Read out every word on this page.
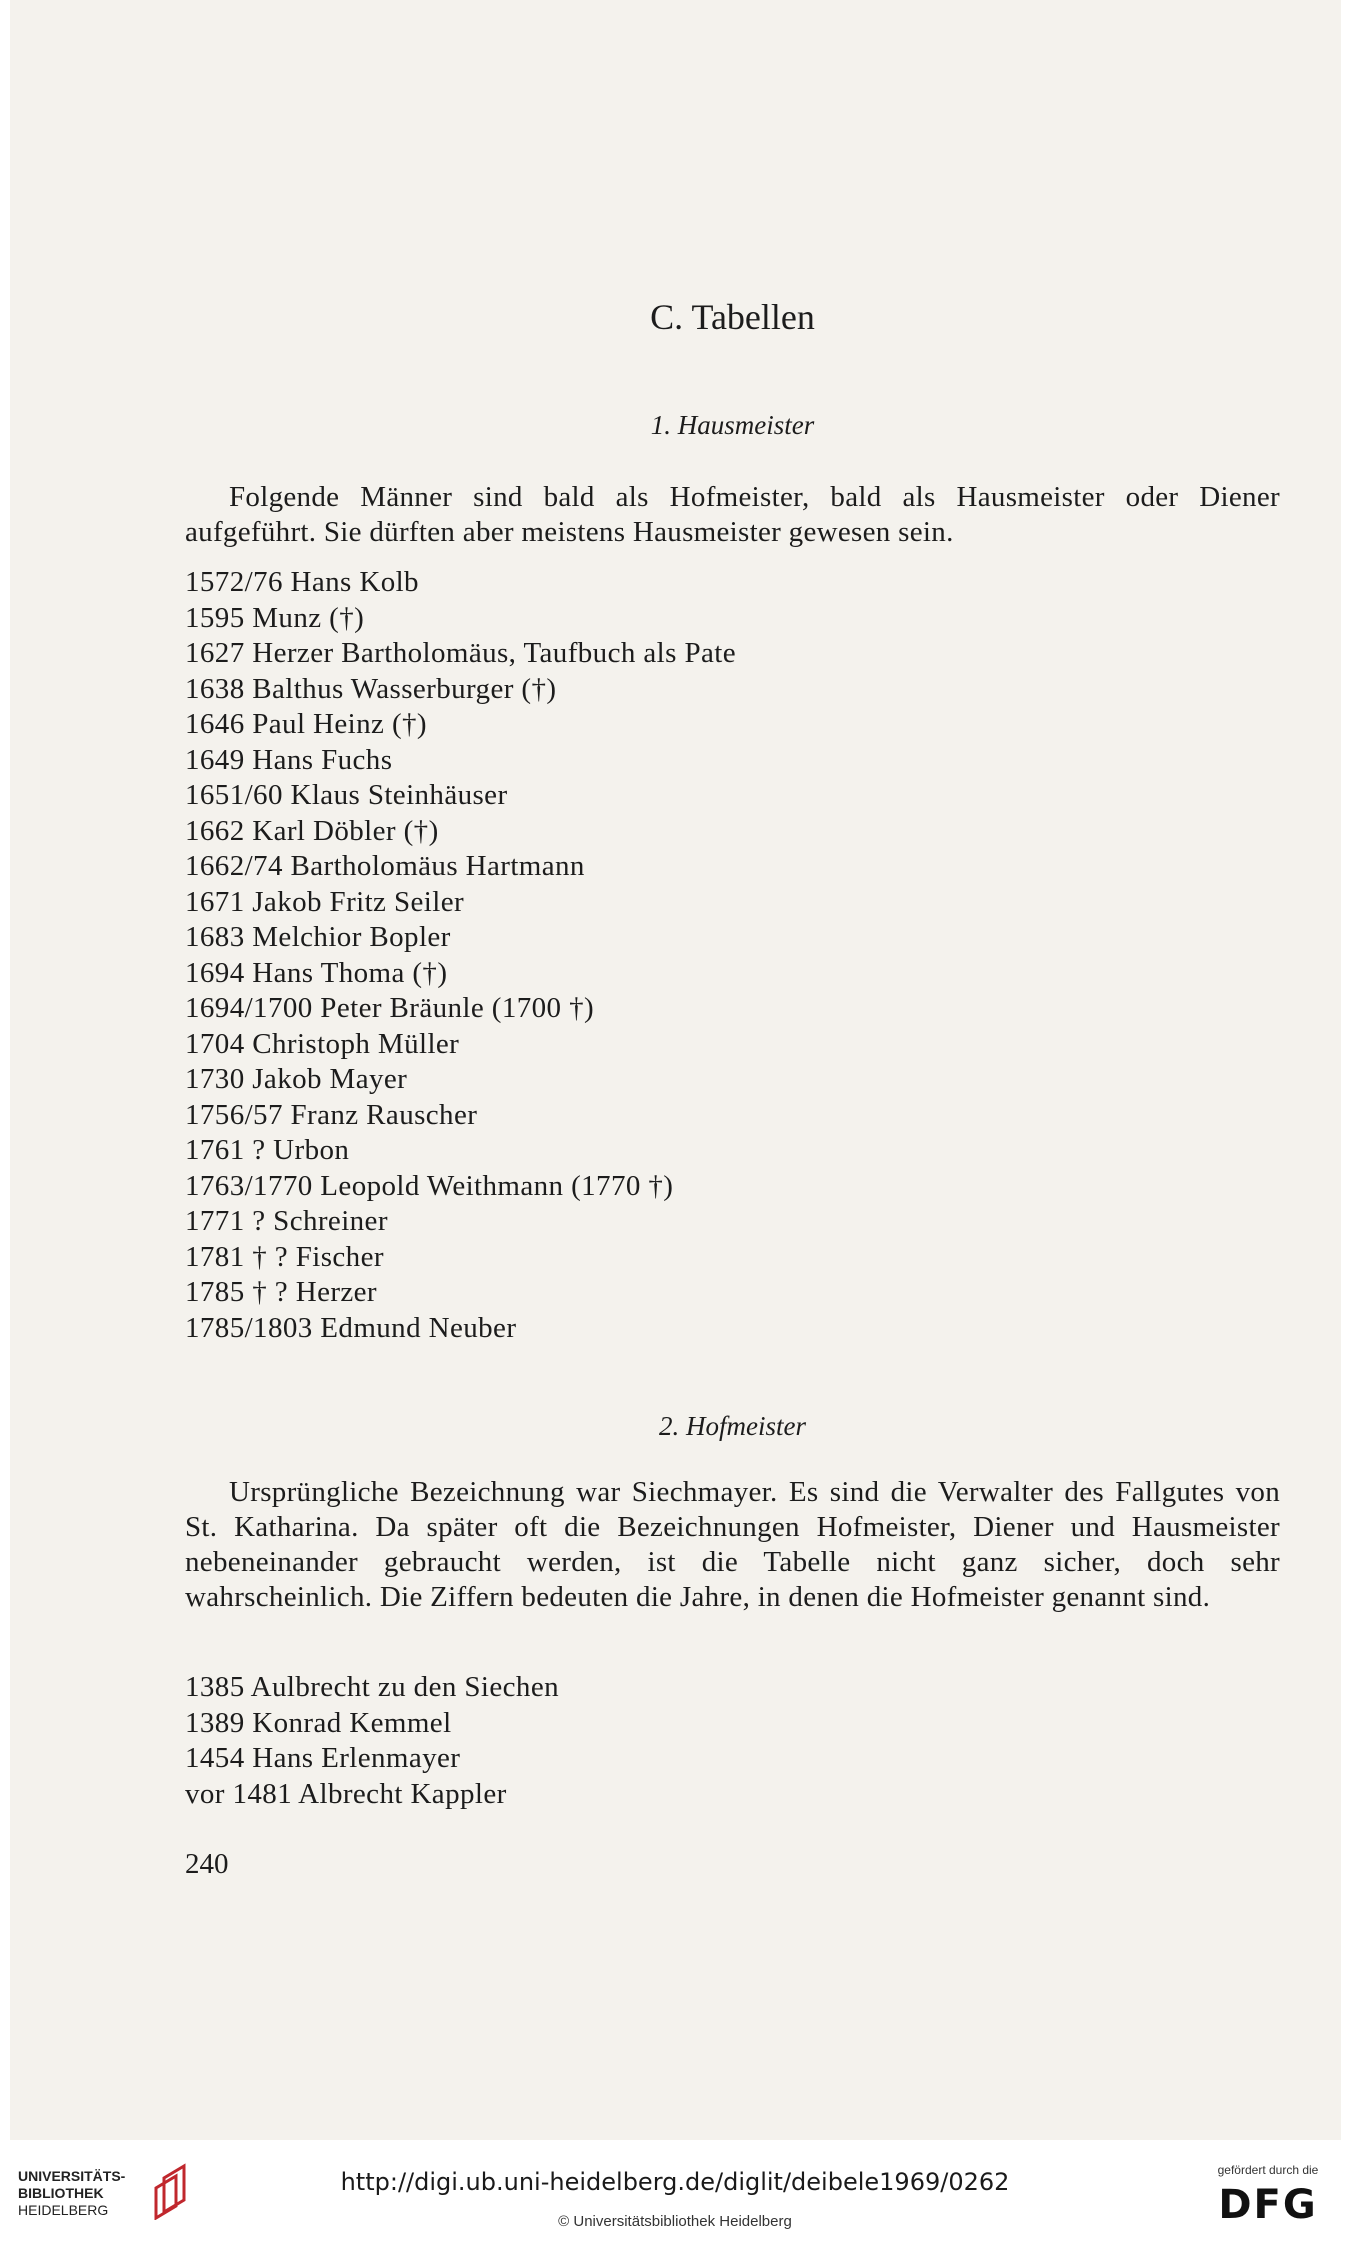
C. Tabellen
1. Hausmeister

Folgende Männer sind bald als Hofmeister, bald als Hausmeister oder Diener aufgeführt. Sie dürften aber meistens Hausmeister gewesen sein.

1572/76 Hans Kolb
1595 Munz (†)
1627 Herzer Bartholomäus, Taufbuch als Pate
1638 Balthus Wasserburger (†)
1646 Paul Heinz (†)
1649 Hans Fuchs
1651/60 Klaus Steinhäuser
1662 Karl Döbler (†)
1662/74 Bartholomäus Hartmann
1671 Jakob Fritz Seiler
1683 Melchior Bopler
1694 Hans Thoma (†)
1694/1700 Peter Bräunle (1700 †)
1704 Christoph Müller
1730 Jakob Mayer
1756/57 Franz Rauscher
1761 ? Urbon
1763/1770 Leopold Weithmann (1770 †)
1771 ? Schreiner
1781 † ? Fischer
1785 † ? Herzer
1785/1803 Edmund Neuber
2. Hofmeister

Ursprüngliche Bezeichnung war Siechmayer. Es sind die Verwalter des Fallgutes von St. Katharina. Da später oft die Bezeichnungen Hofmeister, Diener und Hausmeister nebeneinander gebraucht werden, ist die Tabelle nicht ganz sicher, doch sehr wahrscheinlich. Die Ziffern bedeuten die Jahre, in denen die Hofmeister genannt sind.

1385 Aulbrecht zu den Siechen
1389 Konrad Kemmel
1454 Hans Erlenmayer
vor 1481 Albrecht Kappler
240
UNIVERSITÄTS-
BIBLIOTHEK
HEIDELBERG
http://digi.ub.uni-heidelberg.de/diglit/deibele1969/0262
© Universitätsbibliothek Heidelberg
gefördert durch die
DFG
